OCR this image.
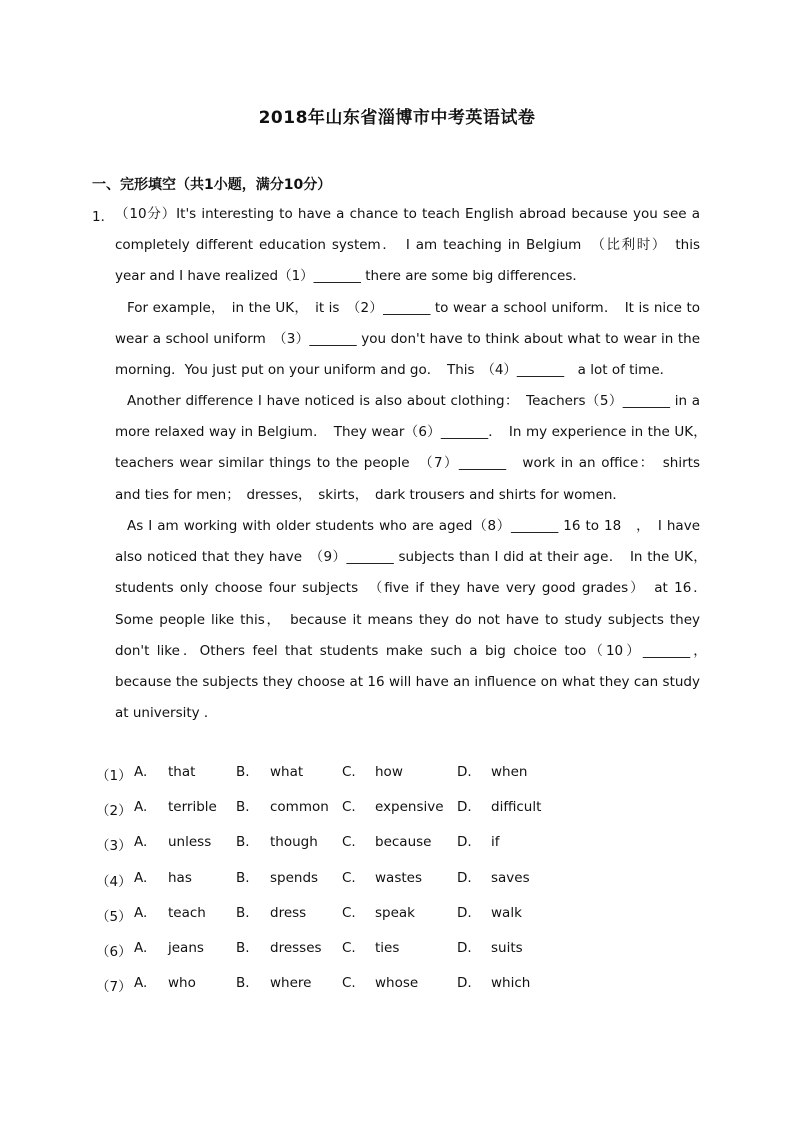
2018年山东省淄博市中考英语试卷
一、完形填空（共1小题，满分10分）
1． （10分）It's interesting to have a chance to teach English abroad because you see a completely different education system．　I am teaching in Belgium　（比利时）　this year and I have realized（1）_______ there are some big differences．
For example，　in the UK，　it is　（2）_______ to wear a school uniform．　It is nice to wear a school uniform　（3）_______ you don't have to think about what to wear in the morning．You just put on your uniform and go．　This　（4）_______　a lot of time．
Another difference I have noticed is also about clothing：　Teachers（5）_______ in a more relaxed way in Belgium．　They wear（6）_______．　In my experience in the UK，　teachers wear similar things to the people　（7）_______　work in an office：　shirts and ties for men；　dresses，　skirts，　dark trousers and shirts for women．
As I am working with older students who are aged（8）_______ 16 to 18　，　I have also noticed that they have　（9）_______ subjects than I did at their age．　In the UK，　students only choose four subjects　（five if they have very good grades）　at 16．　Some people like this，　because it means they do not have to study subjects they don't like．Others feel that students make such a big choice too（10）_______，　because the subjects they choose at 16 will have an influence on what they can study at university ．
（1） A. that	B. what	C. how	D. when
（2） A. terrible B. common C. expensive D. difficult
（3） A. unless B. though C. because D. if
（4） A. has	B. spends C. wastes	D. saves
（5） A. teach B. dress	C. speak	D. walk
（6） A. jeans B. dresses C. ties	D. suits
（7） A. who	B. where C. whose	D. which
